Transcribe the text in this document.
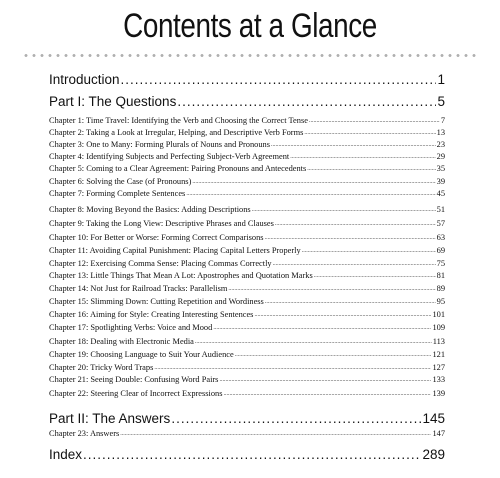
Contents at a Glance
Introduction .....	1
Part I: The Questions .....	5
Chapter 1: Time Travel: Identifying the Verb and Choosing the Correct Tense .....	7
Chapter 2: Taking a Look at Irregular, Helping, and Descriptive Verb Forms .....	13
Chapter 3: One to Many: Forming Plurals of Nouns and Pronouns .....	23
Chapter 4: Identifying Subjects and Perfecting Subject-Verb Agreement .....	29
Chapter 5: Coming to a Clear Agreement: Pairing Pronouns and Antecedents .....	35
Chapter 6: Solving the Case (of Pronouns) .....	39
Chapter 7: Forming Complete Sentences .....	45
Chapter 8: Moving Beyond the Basics: Adding Descriptions .....	51
Chapter 9: Taking the Long View: Descriptive Phrases and Clauses .....	57
Chapter 10: For Better or Worse: Forming Correct Comparisons .....	63
Chapter 11: Avoiding Capital Punishment: Placing Capital Letters Properly .....	69
Chapter 12: Exercising Comma Sense: Placing Commas Correctly .....	75
Chapter 13: Little Things That Mean A Lot: Apostrophes and Quotation Marks .....	81
Chapter 14: Not Just for Railroad Tracks: Parallelism .....	89
Chapter 15: Slimming Down: Cutting Repetition and Wordiness .....	95
Chapter 16: Aiming for Style: Creating Interesting Sentences .....	101
Chapter 17: Spotlighting Verbs: Voice and Mood .....	109
Chapter 18: Dealing with Electronic Media .....	113
Chapter 19: Choosing Language to Suit Your Audience .....	121
Chapter 20: Tricky Word Traps .....	127
Chapter 21: Seeing Double: Confusing Word Pairs .....	133
Chapter 22: Steering Clear of Incorrect Expressions .....	139
Part II: The Answers .....	145
Chapter 23: Answers .....	147
Index .....	289
